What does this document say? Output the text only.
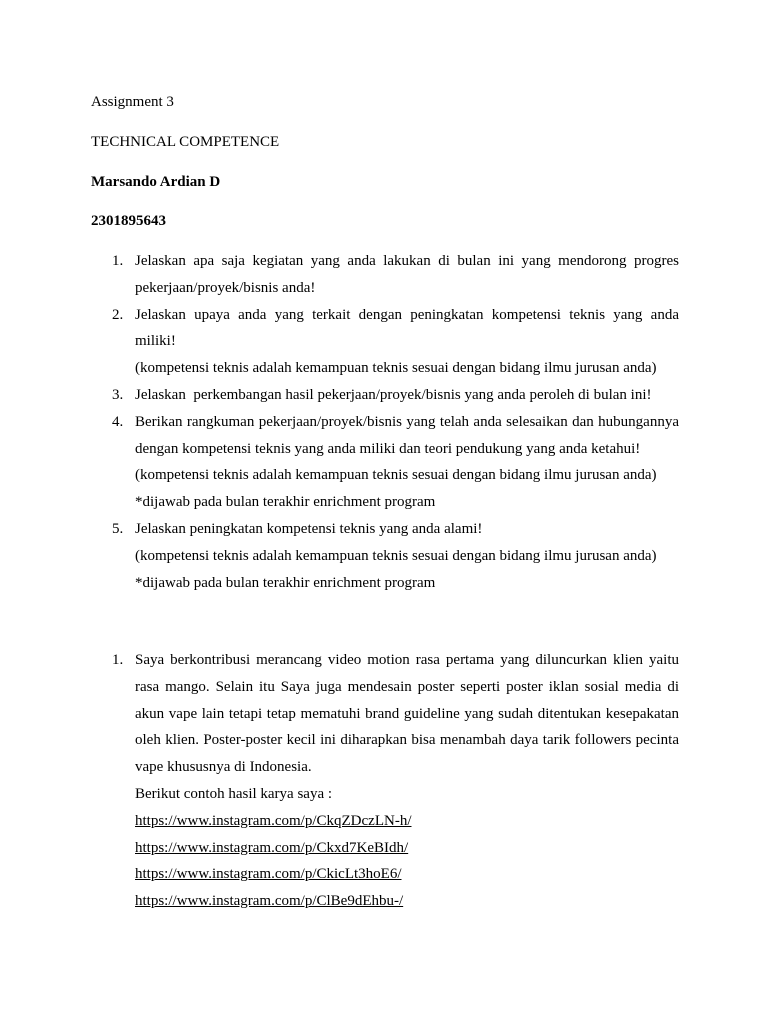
Assignment 3
TECHNICAL COMPETENCE
Marsando Ardian D
2301895643
1. Jelaskan apa saja kegiatan yang anda lakukan di bulan ini yang mendorong progres
pekerjaan/proyek/bisnis anda!
2. Jelaskan upaya anda yang terkait dengan peningkatan kompetensi teknis yang anda
miliki!
(kompetensi teknis adalah kemampuan teknis sesuai dengan bidang ilmu jurusan anda)
3. Jelaskan  perkembangan hasil pekerjaan/proyek/bisnis yang anda peroleh di bulan ini!
4. Berikan rangkuman pekerjaan/proyek/bisnis yang telah anda selesaikan dan hubungannya
dengan kompetensi teknis yang anda miliki dan teori pendukung yang anda ketahui!
(kompetensi teknis adalah kemampuan teknis sesuai dengan bidang ilmu jurusan anda)
*dijawab pada bulan terakhir enrichment program
5. Jelaskan peningkatan kompetensi teknis yang anda alami!
(kompetensi teknis adalah kemampuan teknis sesuai dengan bidang ilmu jurusan anda)
*dijawab pada bulan terakhir enrichment program
1. Saya berkontribusi merancang video motion rasa pertama yang diluncurkan klien yaitu
rasa mango. Selain itu Saya juga mendesain poster seperti poster iklan sosial media di
akun vape lain tetapi tetap mematuhi brand guideline yang sudah ditentukan kesepakatan
oleh klien. Poster-poster kecil ini diharapkan bisa menambah daya tarik followers pecinta
vape khususnya di Indonesia.
Berikut contoh hasil karya saya :
https://www.instagram.com/p/CkqZDczLN-h/
https://www.instagram.com/p/Ckxd7KeBIdh/
https://www.instagram.com/p/CkicLt3hoE6/
https://www.instagram.com/p/ClBe9dEhbu-/
